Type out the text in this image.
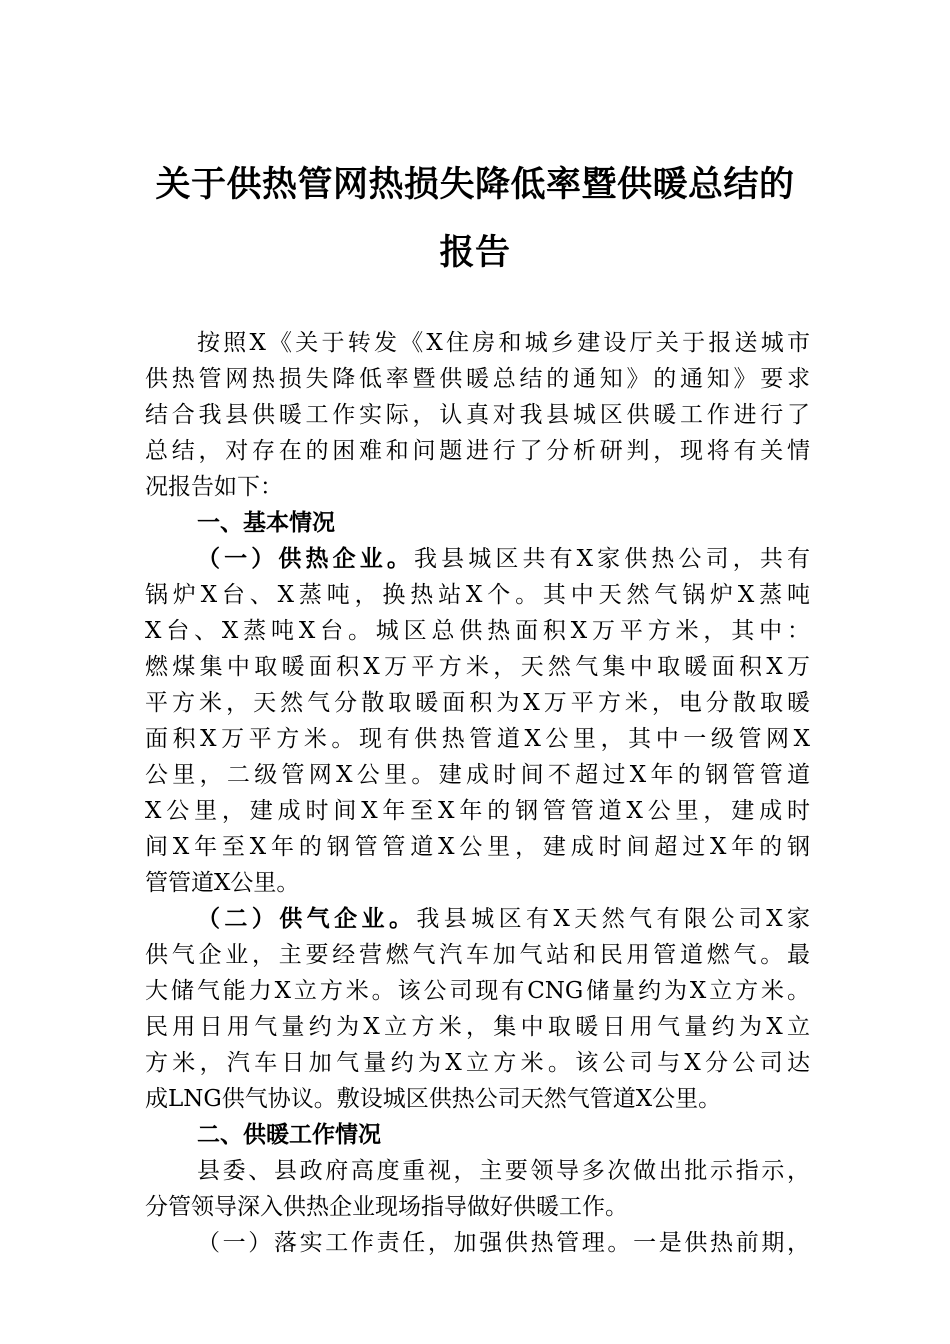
关于供热管网热损失降低率暨供暖总结的
报告
按照X《关于转发《X住房和城乡建设厅关于报送城市
供热管网热损失降低率暨供暖总结的通知》的通知》要求
结合我县供暖工作实际，认真对我县城区供暖工作进行了
总结，对存在的困难和问题进行了分析研判，现将有关情
况报告如下：
一、基本情况
（一）供热企业。我县城区共有X家供热公司，共有
锅炉X台、X蒸吨，换热站X个。其中天然气锅炉X蒸吨
X台、X蒸吨X台。城区总供热面积X万平方米，其中：
燃煤集中取暖面积X万平方米，天然气集中取暖面积X万
平方米，天然气分散取暖面积为X万平方米，电分散取暖
面积X万平方米。现有供热管道X公里，其中一级管网X
公里，二级管网X公里。建成时间不超过X年的钢管管道
X公里，建成时间X年至X年的钢管管道X公里，建成时
间X年至X年的钢管管道X公里，建成时间超过X年的钢
管管道X公里。
（二）供气企业。我县城区有X天然气有限公司X家
供气企业，主要经营燃气汽车加气站和民用管道燃气。最
大储气能力X立方米。该公司现有CNG储量约为X立方米。
民用日用气量约为X立方米，集中取暖日用气量约为X立
方米，汽车日加气量约为X立方米。该公司与X分公司达
成LNG供气协议。敷设城区供热公司天然气管道X公里。
二、供暖工作情况
县委、县政府高度重视，主要领导多次做出批示指示，
分管领导深入供热企业现场指导做好供暖工作。
（一）落实工作责任，加强供热管理。一是供热前期，
